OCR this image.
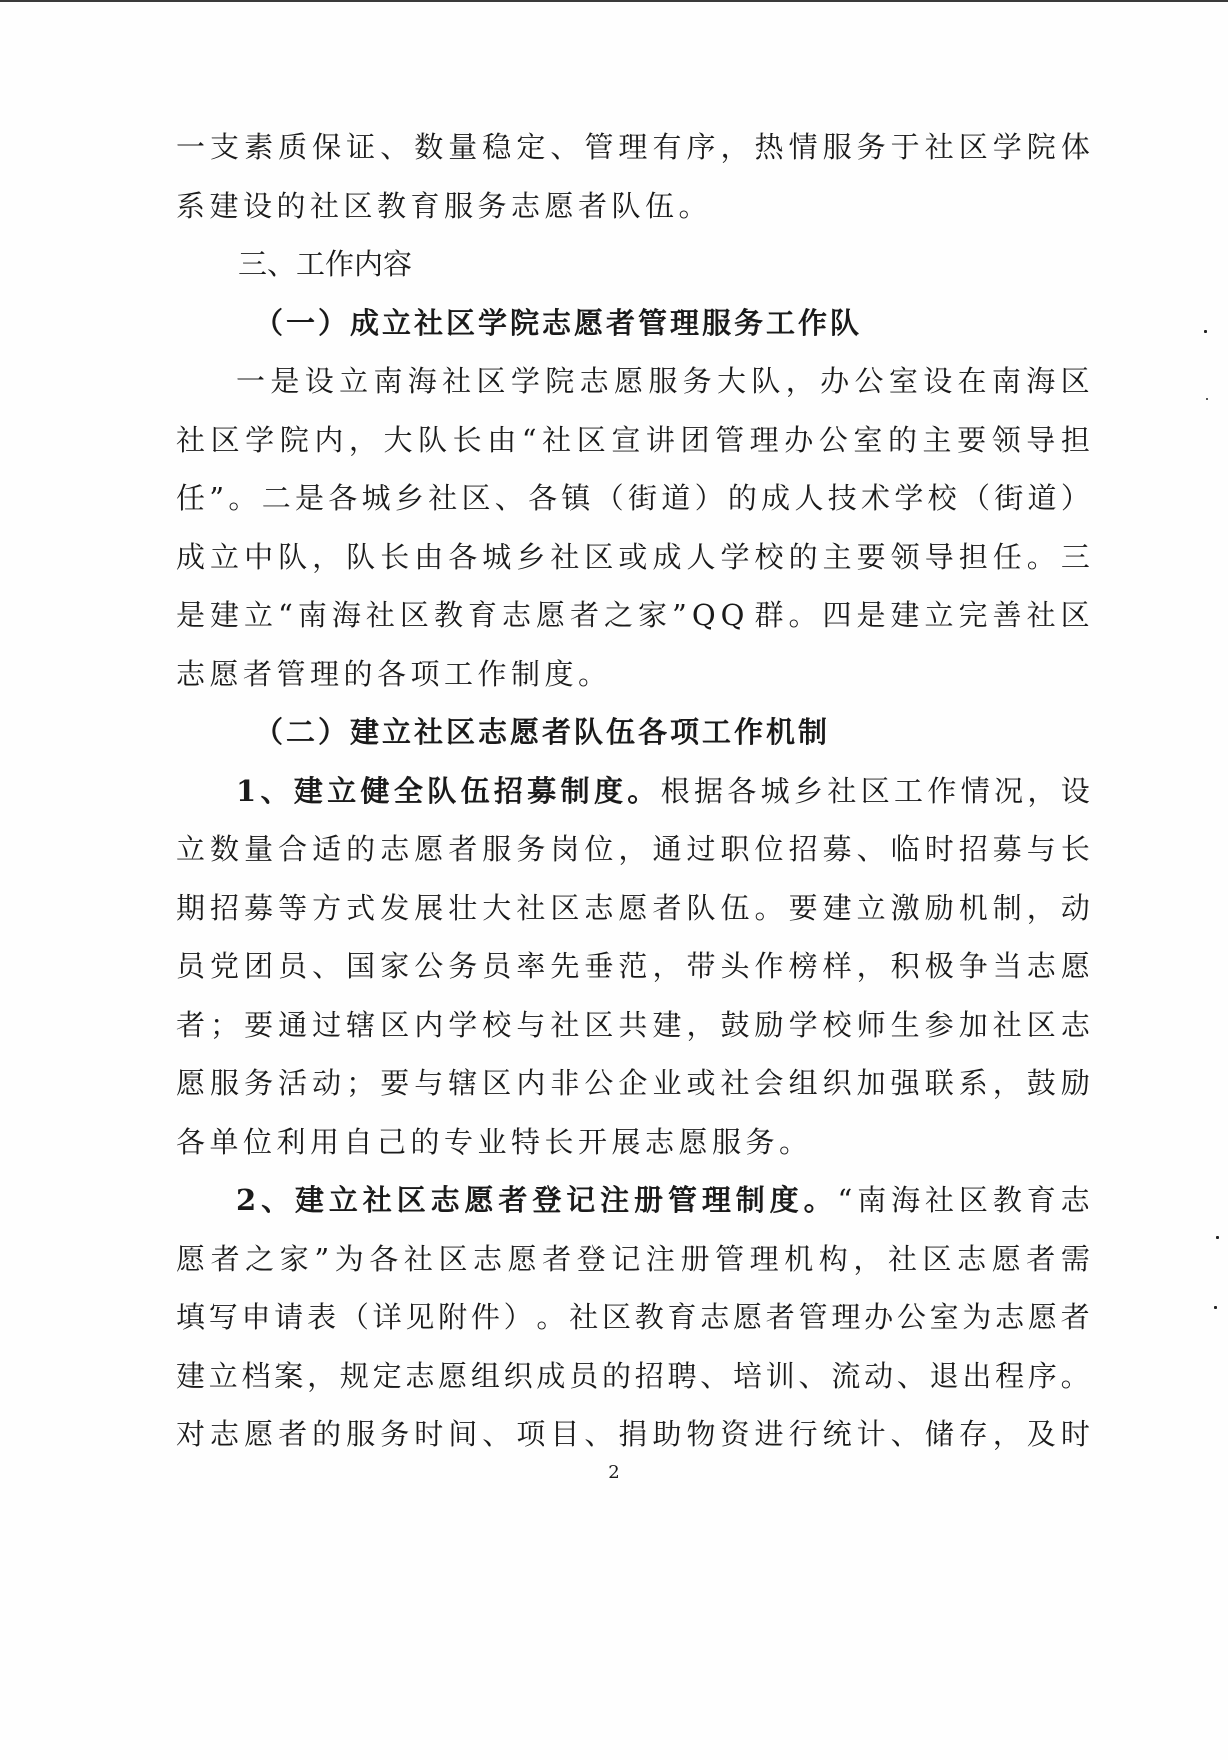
一 支 素 质 保 证 、 数 量 稳 定 、 管 理 有 序 ， 热 情 服 务 于 社 区 学 院 体
系建设的社区教育服务志愿者队伍。
三、工作内容
（一）成立社区学院志愿者管理服务工作队
一 是 设 立 南 海 社 区 学 院 志 愿 服 务 大 队 ， 办 公 室 设 在 南 海 区
社 区 学 院 内 ， 大 队 长 由 “ 社 区 宣 讲 团 管 理 办 公 室 的 主 要 领 导 担
任 ” 。 二 是 各 城 乡 社 区 、 各 镇 （ 街 道 ） 的 成 人 技 术 学 校 （ 街 道 ）
成 立 中 队 ， 队 长 由 各 城 乡 社 区 或 成 人 学 校 的 主 要 领 导 担 任 。 三
是 建 立 “ 南 海 社 区 教 育 志 愿 者 之 家 ” Q Q 群 。 四 是 建 立 完 善 社 区
志愿者管理的各项工作制度。
（二）建立社区志愿者队伍各项工作机制
1 、 建 立 健 全 队 伍 招 募 制 度 。 根 据 各 城 乡 社 区 工 作 情 况 ， 设
立 数 量 合 适 的 志 愿 者 服 务 岗 位 ， 通 过 职 位 招 募 、 临 时 招 募 与 长
期 招 募 等 方 式 发 展 壮 大 社 区 志 愿 者 队 伍 。 要 建 立 激 励 机 制 ， 动
员 党 团 员 、 国 家 公 务 员 率 先 垂 范 ， 带 头 作 榜 样 ， 积 极 争 当 志 愿
者 ； 要 通 过 辖 区 内 学 校 与 社 区 共 建 ， 鼓 励 学 校 师 生 参 加 社 区 志
愿 服 务 活 动 ； 要 与 辖 区 内 非 公 企 业 或 社 会 组 织 加 强 联 系 ， 鼓 励
各单位利用自己的专业特长开展志愿服务。
2 、 建 立 社 区 志 愿 者 登 记 注 册 管 理 制 度 。 “ 南 海 社 区 教 育 志
愿 者 之 家 ” 为 各 社 区 志 愿 者 登 记 注 册 管 理 机 构 ， 社 区 志 愿 者 需
填 写 申 请 表 （ 详 见 附 件 ） 。 社 区 教 育 志 愿 者 管 理 办 公 室 为 志 愿 者
建 立 档 案 ， 规 定 志 愿 组 织 成 员 的 招 聘 、 培 训 、 流 动 、 退 出 程 序 。
对 志 愿 者 的 服 务 时 间 、 项 目 、 捐 助 物 资 进 行 统 计 、 储 存 ， 及 时
2
